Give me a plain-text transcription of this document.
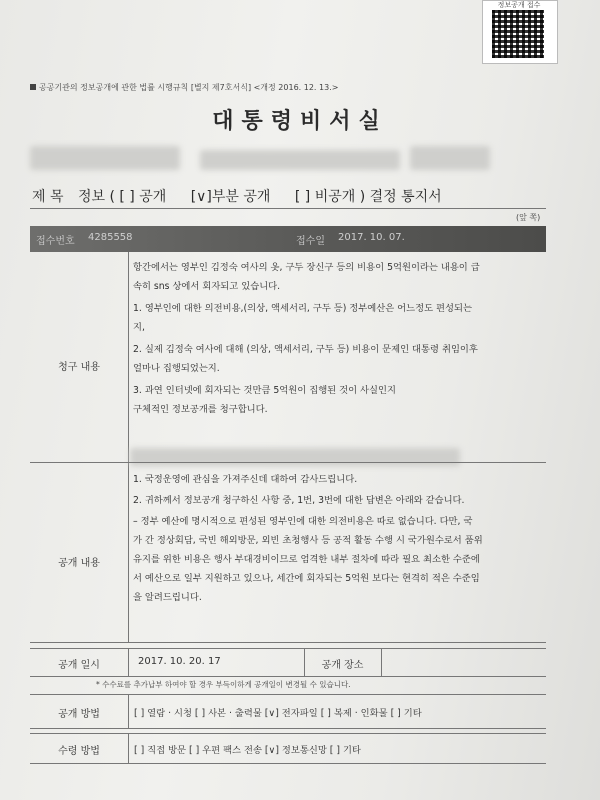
정보공개 접수
공공기관의 정보공개에 관한 법률 시행규칙 [별지 제7호서식] <개정 2016. 12. 13.>
대통령비서실
제 목 정보 ( [ ] 공개 [∨]부분 공개 [ ] 비공개 ) 결정 통지서
(앞 쪽)
접수번호 4285558	접수일 2017. 10. 07.
청구 내용
항간에서는 영부인 김정숙 여사의 옷, 구두 장신구 등의 비용이 5억원이라는 내용이 급
속히 sns 상에서 회자되고 있습니다.
1. 영부인에 대한 의전비용,(의상, 액세서리, 구두 등) 정부예산은 어느정도 편성되는
지,
2. 실제 김정숙 여사에 대해 (의상, 액세서리, 구두 등) 비용이 문제인 대통령 취임이후
얼마나 집행되었는지.
3. 과연 인터넷에 회자되는 것만큼 5억원이 집행된 것이 사실인지
구체적인 정보공개를 청구합니다.
공개 내용
1. 국정운영에 관심을 가져주신데 대하여 감사드립니다.
2. 귀하께서 정보공개 청구하신 사항 중, 1번, 3번에 대한 답변은 아래와 같습니다.
– 정부 예산에 명시적으로 편성된 영부인에 대한 의전비용은 따로 없습니다. 다만, 국
가 간 정상회담, 국빈 해외방문, 외빈 초청행사 등 공적 활동 수행 시 국가원수로서 품위
유지를 위한 비용은 행사 부대경비이므로 엄격한 내부 절차에 따라 필요 최소한 수준에
서 예산으로 일부 지원하고 있으나, 세간에 회자되는 5억원 보다는 현격히 적은 수준임
을 알려드립니다.
공개 일시	2017. 10. 20. 17	공개 장소
* 수수료를 추가납부 하여야 할 경우 부득이하게 공개일이 변경될 수 있습니다.
공개 방법	[ ] 열람 · 시청 [ ] 사본 · 출력물 [∨] 전자파일 [ ] 복제 · 인화물 [ ] 기타
수령 방법	[ ] 직접 방문 [ ] 우편 팩스 전송 [∨] 정보통신망 [ ] 기타
